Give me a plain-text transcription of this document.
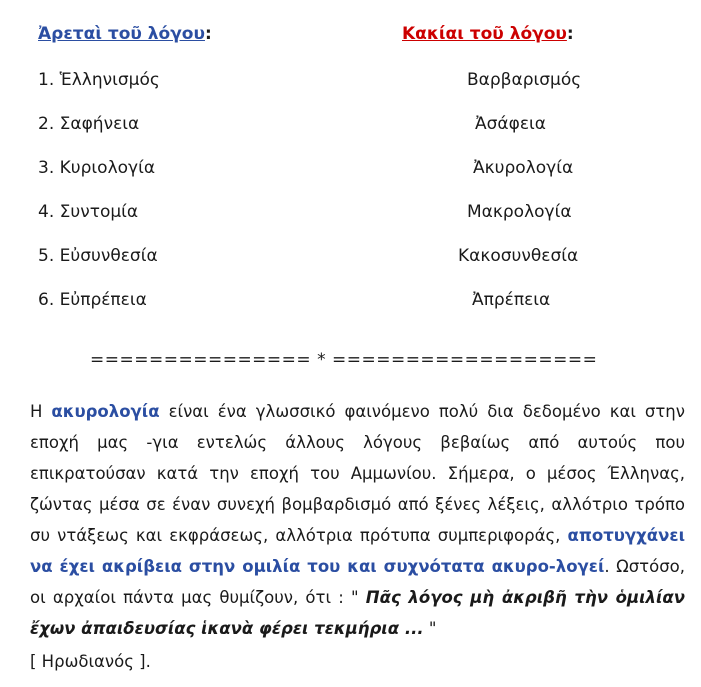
Ἀρεταὶ τοῦ λόγου:	Κακίαι τοῦ λόγου:
1. Ἑλληνισμός	Βαρβαρισμός
2. Σαφήνεια	Ἀσάφεια
3. Κυριολογία	Ἀκυρολογία
4. Συντομία	Μακρολογία
5. Εὐσυνθεσία	Κακοσυνθεσία
6. Εὐπρέπεια	Ἀπρέπεια
=============== * ==================
Η ακυρολογία είναι ένα γλωσσικό φαινόμενο πολύ δια δεδομένο και στην εποχή μας -για εντελώς άλλους λόγους βεβαίως από αυτούς που επικρατούσαν κατά την εποχή του Αμμωνίου. Σήμερα, ο μέσος Έλληνας, ζώντας μέσα σε έναν συνεχή βομβαρδισμό από ξένες λέξεις, αλλότριο τρόπο συ ντάξεως και εκφράσεως, αλλότρια πρότυπα συμπεριφοράς, αποτυγχάνει να έχει ακρίβεια στην ομιλία του και συχνότατα ακυρο-λογεί. Ωστόσο, οι αρχαίοι πάντα μας θυμίζουν, ότι : " Πᾶς λόγος μὴ ἀκριβῆ τὴν ὁμιλίαν ἔχων ἀπαιδευσίας ἱκανὰ φέρει τεκμήρια ... "
[ Ηρωδιανός ].
